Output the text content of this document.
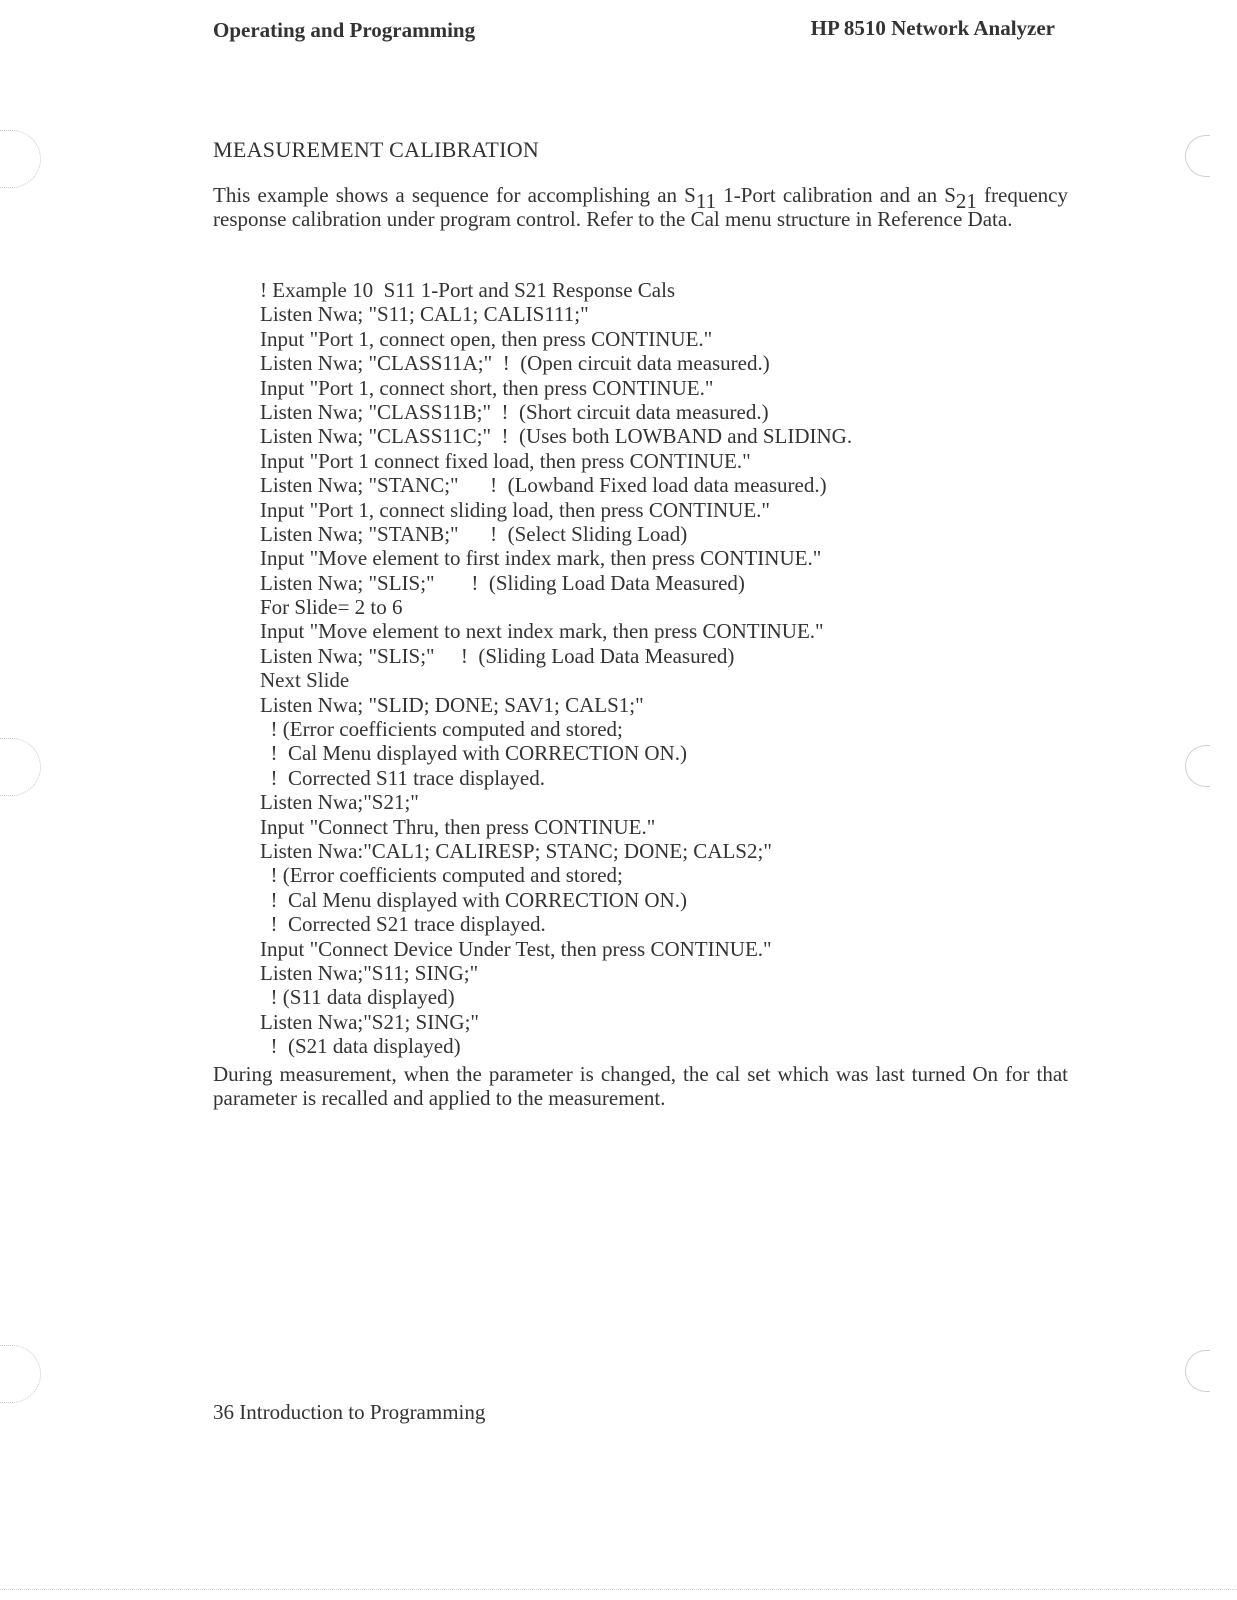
Operating and Programming	HP 8510 Network Analyzer
MEASUREMENT CALIBRATION

This example shows a sequence for accomplishing an $S_{11}$ 1-Port calibration and an $S_{21}$ frequency response calibration under program control. Refer to the Cal menu structure in Reference Data.

! Example 10  S11 1-Port and S21 Response Cals
Listen Nwa; "S11; CAL1; CALIS111;"
Input "Port 1, connect open, then press CONTINUE."
Listen Nwa; "CLASS11A;"  !  (Open circuit data measured.)
Input "Port 1, connect short, then press CONTINUE."
Listen Nwa; "CLASS11B;"  !  (Short circuit data measured.)
Listen Nwa; "CLASS11C;"  !  (Uses both LOWBAND and SLIDING.
Input "Port 1 connect fixed load, then press CONTINUE."
Listen Nwa; "STANC;"      !  (Lowband Fixed load data measured.)
Input "Port 1, connect sliding load, then press CONTINUE."
Listen Nwa; "STANB;"      !  (Select Sliding Load)
Input "Move element to first index mark, then press CONTINUE."
Listen Nwa; "SLIS;"       !  (Sliding Load Data Measured)
For Slide= 2 to 6
Input "Move element to next index mark, then press CONTINUE."
Listen Nwa; "SLIS;"     !  (Sliding Load Data Measured)
Next Slide
Listen Nwa; "SLID; DONE; SAV1; CALS1;"
! (Error coefficients computed and stored;
!  Cal Menu displayed with CORRECTION ON.)
!  Corrected S11 trace displayed.
Listen Nwa;"S21;"
Input "Connect Thru, then press CONTINUE."
Listen Nwa:"CAL1; CALIRESP; STANC; DONE; CALS2;"
! (Error coefficients computed and stored;
!  Cal Menu displayed with CORRECTION ON.)
!  Corrected S21 trace displayed.
Input "Connect Device Under Test, then press CONTINUE."
Listen Nwa;"S11; SING;"
! (S11 data displayed)
Listen Nwa;"S21; SING;"
!  (S21 data displayed)

During measurement, when the parameter is changed, the cal set which was last turned On for that parameter is recalled and applied to the measurement.

36 Introduction to Programming
